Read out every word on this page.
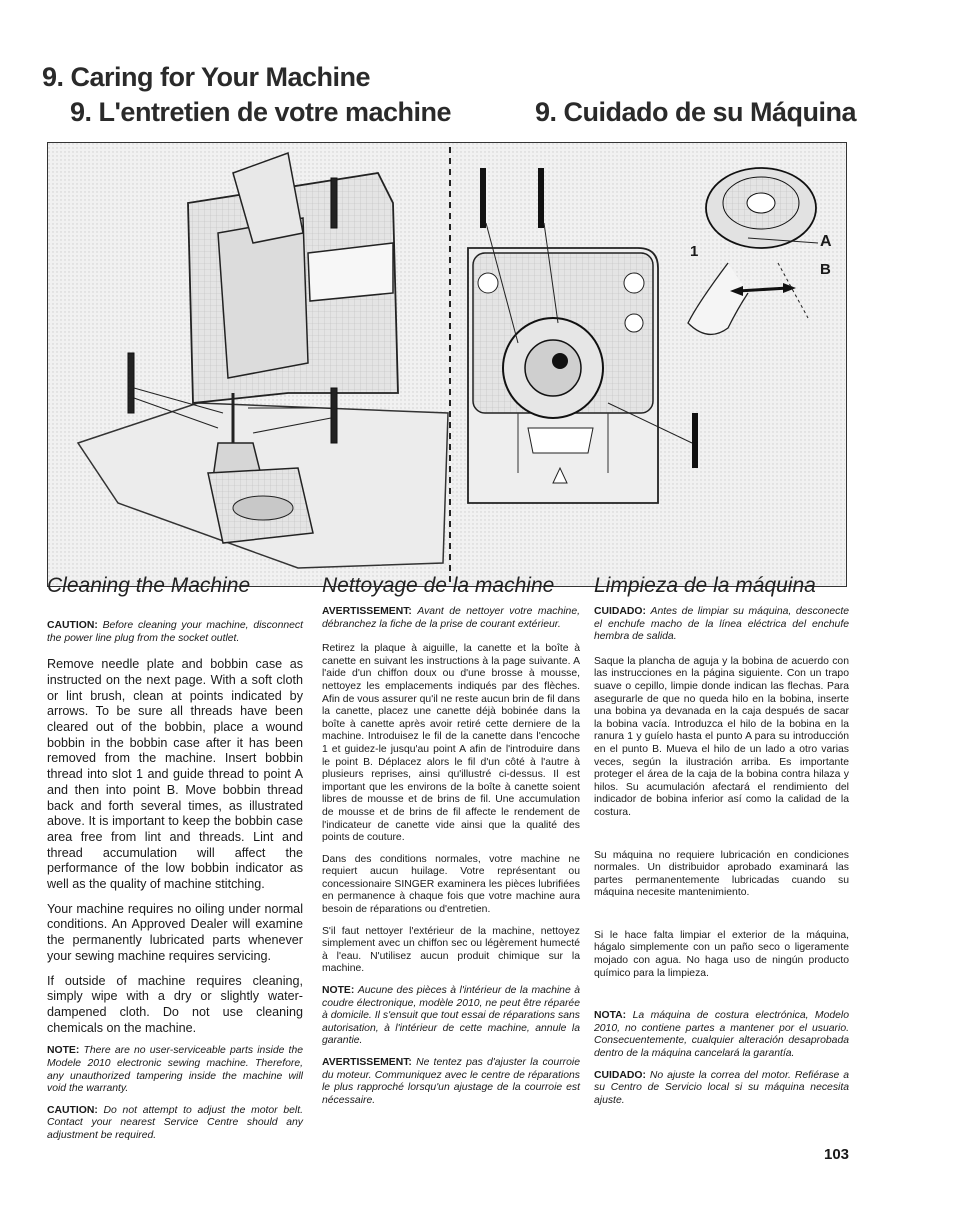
9. Caring for Your Machine
9. L'entretien de votre machine	9. Cuidado de su Máquina
1
A
B
Cleaning the Machine	Nettoyage de la machine Limpieza de la máquina

CAUTION: Before cleaning your machine, disconnect the power line plug from the socket outlet.

Remove needle plate and bobbin case as instructed on the next page. With a soft cloth or lint brush, clean at points indicated by arrows. To be sure all threads have been cleared out of the bobbin, place a wound bobbin in the bobbin case after it has been removed from the machine. Insert bobbin thread into slot 1 and guide thread to point A and then into point B. Move bobbin thread back and forth several times, as illustrated above. It is important to keep the bobbin case area free from lint and threads. Lint and thread accumulation will affect the performance of the low bobbin indicator as well as the quality of machine stitching.

Your machine requires no oiling under normal conditions. An Approved Dealer will examine the permanently lubricated parts whenever your sewing machine requires servicing.

If outside of machine requires cleaning, simply wipe with a dry or slightly water-dampened cloth. Do not use cleaning chemicals on the machine.

NOTE: There are no user-serviceable parts inside the Modele 2010 electronic sewing machine. Therefore, any unauthorized tampering inside the machine will void the warranty.

CAUTION: Do not attempt to adjust the motor belt. Contact your nearest Service Centre should any adjustment be required.

AVERTISSEMENT: Avant de nettoyer votre machine, débranchez la fiche de la prise de courant extérieur.

Retirez la plaque à aiguille, la canette et la boîte à canette en suivant les instructions à la page suivante. A l'aide d'un chiffon doux ou d'une brosse à mousse, nettoyez les emplacements indiqués par des flèches. Afin de vous assurer qu'il ne reste aucun brin de fil dans la canette, placez une canette déjà bobinée dans la boîte à canette après avoir retiré cette derniere de la machine. Introduisez le fil de la canette dans l'encoche 1 et guidez-le jusqu'au point A afin de l'introduire dans le point B. Déplacez alors le fil d'un côté à l'autre à plusieurs reprises, ainsi qu'illustré ci-dessus. Il est important que les environs de la boîte à canette soient libres de mousse et de brins de fil. Une accumulation de mousse et de brins de fil affecte le rendement de l'indicateur de canette vide ainsi que la qualité des points de couture.

Dans des conditions normales, votre machine ne requiert aucun huilage. Votre représentant ou concessionaire SINGER examinera les pièces lubrifiées en permanence à chaque fois que votre machine aura besoin de réparations ou d'entretien.

S'il faut nettoyer l'extérieur de la machine, nettoyez simplement avec un chiffon sec ou légèrement humecté à l'eau. N'utilisez aucun produit chimique sur la machine.

NOTE: Aucune des pièces à l'intérieur de la machine à coudre électronique, modèle 2010, ne peut être réparée à domicile. Il s'ensuit que tout essai de réparations sans autorisation, à l'intérieur de cette machine, annule la garantie.

AVERTISSEMENT: Ne tentez pas d'ajuster la courroie du moteur. Communiquez avec le centre de réparations le plus rapproché lorsqu'un ajustage de la courroie est nécessaire.

CUIDADO: Antes de limpiar su máquina, desconecte el enchufe macho de la línea eléctrica del enchufe hembra de salida.

Saque la plancha de aguja y la bobina de acuerdo con las instrucciones en la página siguiente. Con un trapo suave o cepillo, limpie donde indican las flechas. Para asegurarle de que no queda hilo en la bobina, inserte una bobina ya devanada en la caja después de sacar la bobina vacía. Introduzca el hilo de la bobina en la ranura 1 y guíelo hasta el punto A para su introducción en el punto B. Mueva el hilo de un lado a otro varias veces, según la ilustración arriba. Es importante proteger el área de la caja de la bobina contra hilaza y hilos. Su acumulación afectará el rendimiento del indicador de bobina inferior así como la calidad de la costura.

Su máquina no requiere lubricación en condiciones normales. Un distribuidor aprobado examinará las partes permanentemente lubricadas cuando su máquina necesite mantenimiento.

Si le hace falta limpiar el exterior de la máquina, hágalo simplemente con un paño seco o ligeramente mojado con agua. No haga uso de ningún producto químico para la limpieza.

NOTA: La máquina de costura electrónica, Modelo 2010, no contiene partes a mantener por el usuario. Consecuentemente, cualquier alteración desaprobada dentro de la máquina cancelará la garantía.

CUIDADO: No ajuste la correa del motor. Refiérase a su Centro de Servicio local si su máquina necesita ajuste.

103
